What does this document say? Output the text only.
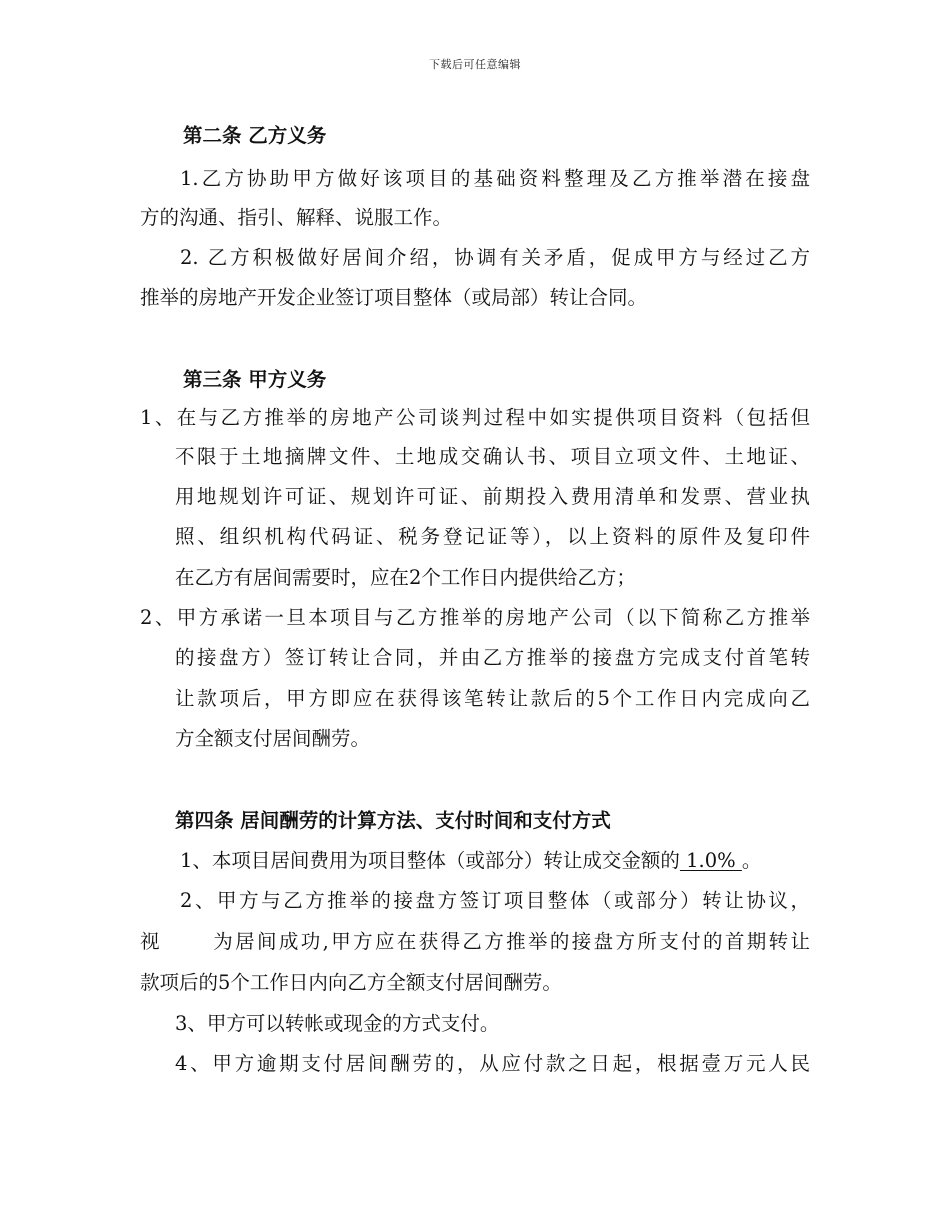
下载后可任意编辑
第二条 乙方义务
1.乙方协助甲方做好该项目的基础资料整理及乙方推举潜在接盘
方的沟通、指引、解释、说服工作。
2. 乙方积极做好居间介绍，协调有关矛盾，促成甲方与经过乙方
推举的房地产开发企业签订项目整体（或局部）转让合同。
第三条 甲方义务
1、在与乙方推举的房地产公司谈判过程中如实提供项目资料（包括但
不限于土地摘牌文件、土地成交确认书、项目立项文件、土地证、
用地规划许可证、规划许可证、前期投入费用清单和发票、营业执
照、组织机构代码证、税务登记证等），以上资料的原件及复印件
在乙方有居间需要时，应在2个工作日内提供给乙方；
2、甲方承诺一旦本项目与乙方推举的房地产公司（以下简称乙方推举
的接盘方）签订转让合同，并由乙方推举的接盘方完成支付首笔转
让款项后，甲方即应在获得该笔转让款后的5个工作日内完成向乙
方全额支付居间酬劳。
第四条 居间酬劳的计算方法、支付时间和支付方式
1、本项目居间费用为项目整体（或部分）转让成交金额的 1.0% 。
2、甲方与乙方推举的接盘方签订项目整体（或部分）转让协议，
视      为居间成功,甲方应在获得乙方推举的接盘方所支付的首期转让
款项后的5个工作日内向乙方全额支付居间酬劳。
3、甲方可以转帐或现金的方式支付。
4、甲方逾期支付居间酬劳的，从应付款之日起，根据壹万元人民
